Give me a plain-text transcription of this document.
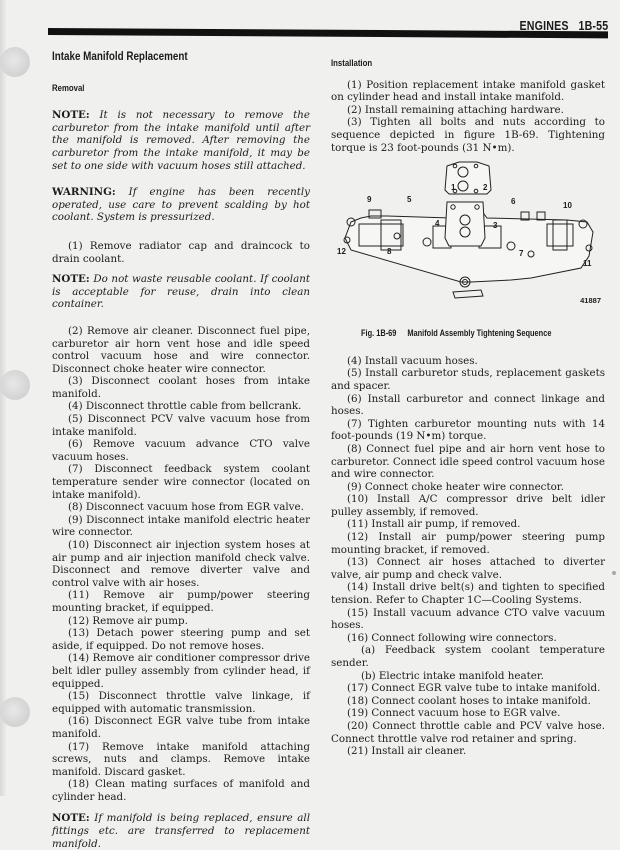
ENGINES 1B-55
Intake Manifold Replacement
Removal

NOTE: It is not necessary to remove the carburetor from the intake manifold until after the manifold is removed. After removing the carburetor from the intake manifold, it may be set to one side with vacuum hoses still attached.

WARNING: If engine has been recently operated, use care to prevent scalding by hot coolant. System is pressurized.

(1) Remove radiator cap and draincock to drain coolant.

NOTE: Do not waste reusable coolant. If coolant is acceptable for reuse, drain into clean container.

(2) Remove air cleaner. Disconnect fuel pipe, carburetor air horn vent hose and idle speed control vacuum hose and wire connector. Disconnect choke heater wire connector.

(3) Disconnect coolant hoses from intake manifold.

(4) Disconnect throttle cable from bellcrank.

(5) Disconnect PCV valve vacuum hose from intake manifold.

(6) Remove vacuum advance CTO valve vacuum hoses.

(7) Disconnect feedback system coolant temperature sender wire connector (located on intake manifold).

(8) Disconnect vacuum hose from EGR valve.

(9) Disconnect intake manifold electric heater wire connector.

(10) Disconnect air injection system hoses at air pump and air injection manifold check valve. Disconnect and remove diverter valve and control valve with air hoses.

(11) Remove air pump/power steering mounting bracket, if equipped.

(12) Remove air pump.

(13) Detach power steering pump and set aside, if equipped. Do not remove hoses.

(14) Remove air conditioner compressor drive belt idler pulley assembly from cylinder head, if equipped.

(15) Disconnect throttle valve linkage, if equipped with automatic transmission.

(16) Disconnect EGR valve tube from intake manifold.

(17) Remove intake manifold attaching screws, nuts and clamps. Remove intake manifold. Discard gasket.

(18) Clean mating surfaces of manifold and cylinder head.

NOTE: If manifold is being replaced, ensure all fittings etc. are transferred to replacement manifold.

Installation

(1) Position replacement intake manifold gasket on cylinder head and install intake manifold.

(2) Install remaining attaching hardware.

(3) Tighten all bolts and nuts according to sequence depicted in figure 1B-69. Tightening torque is 23 foot-pounds (31 N•m).

1	2
3
4
5	6
7
8
9
10
11
12
41887
Fig. 1B-69 Manifold Assembly Tightening Sequence

(4) Install vacuum hoses.

(5) Install carburetor studs, replacement gaskets and spacer.

(6) Install carburetor and connect linkage and hoses.

(7) Tighten carburetor mounting nuts with 14 foot-pounds (19 N•m) torque.

(8) Connect fuel pipe and air horn vent hose to carburetor. Connect idle speed control vacuum hose and wire connector.

(9) Connect choke heater wire connector.

(10) Install A/C compressor drive belt idler pulley assembly, if removed.

(11) Install air pump, if removed.

(12) Install air pump/power steering pump mounting bracket, if removed.

(13) Connect air hoses attached to diverter valve, air pump and check valve.

(14) Install drive belt(s) and tighten to specified tension. Refer to Chapter 1C—Cooling Systems.

(15) Install vacuum advance CTO valve vacuum hoses.

(16) Connect following wire connectors.

(a) Feedback system coolant temperature sender.

(b) Electric intake manifold heater.

(17) Connect EGR valve tube to intake manifold.

(18) Connect coolant hoses to intake manifold.

(19) Connect vacuum hose to EGR valve.

(20) Connect throttle cable and PCV valve hose. Connect throttle valve rod retainer and spring.

(21) Install air cleaner.
